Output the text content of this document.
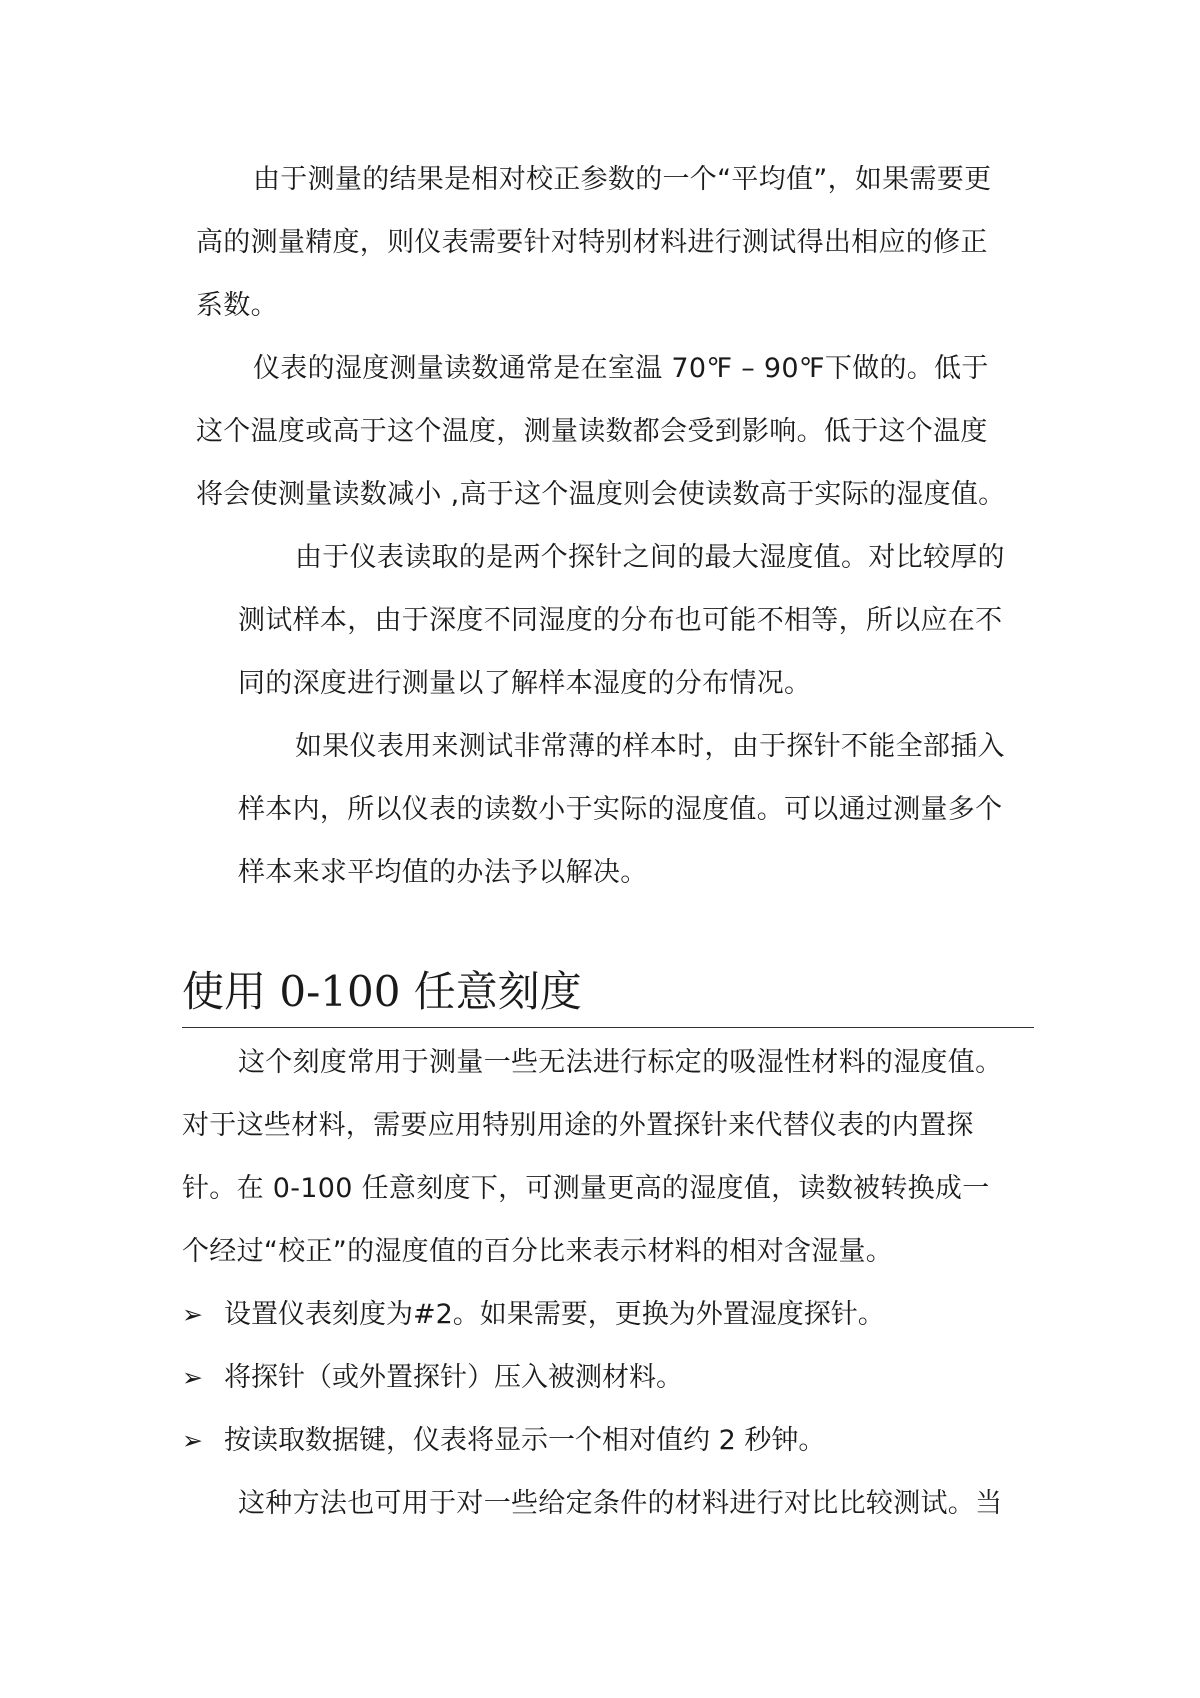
由于测量的结果是相对校正参数的一个“平均值”，如果需要更
高的测量精度，则仪表需要针对特别材料进行测试得出相应的修正
系数。
仪表的湿度测量读数通常是在室温 70℉ – 90℉下做的。低于
这个温度或高于这个温度，测量读数都会受到影响。低于这个温度
将会使测量读数减小 ,高于这个温度则会使读数高于实际的湿度值。
由于仪表读取的是两个探针之间的最大湿度值。对比较厚的
测试样本，由于深度不同湿度的分布也可能不相等，所以应在不
同的深度进行测量以了解样本湿度的分布情况。
如果仪表用来测试非常薄的样本时，由于探针不能全部插入
样本内，所以仪表的读数小于实际的湿度值。可以通过测量多个
样本来求平均值的办法予以解决。
使用 0-100 任意刻度
这个刻度常用于测量一些无法进行标定的吸湿性材料的湿度值。
对于这些材料，需要应用特别用途的外置探针来代替仪表的内置探
针。在 0-100 任意刻度下，可测量更高的湿度值，读数被转换成一
个经过“校正”的湿度值的百分比来表示材料的相对含湿量。
➢ 设置仪表刻度为#2。如果需要，更换为外置湿度探针。
➢ 将探针（或外置探针）压入被测材料。
➢ 按读取数据键，仪表将显示一个相对值约 2 秒钟。
这种方法也可用于对一些给定条件的材料进行对比比较测试。当
